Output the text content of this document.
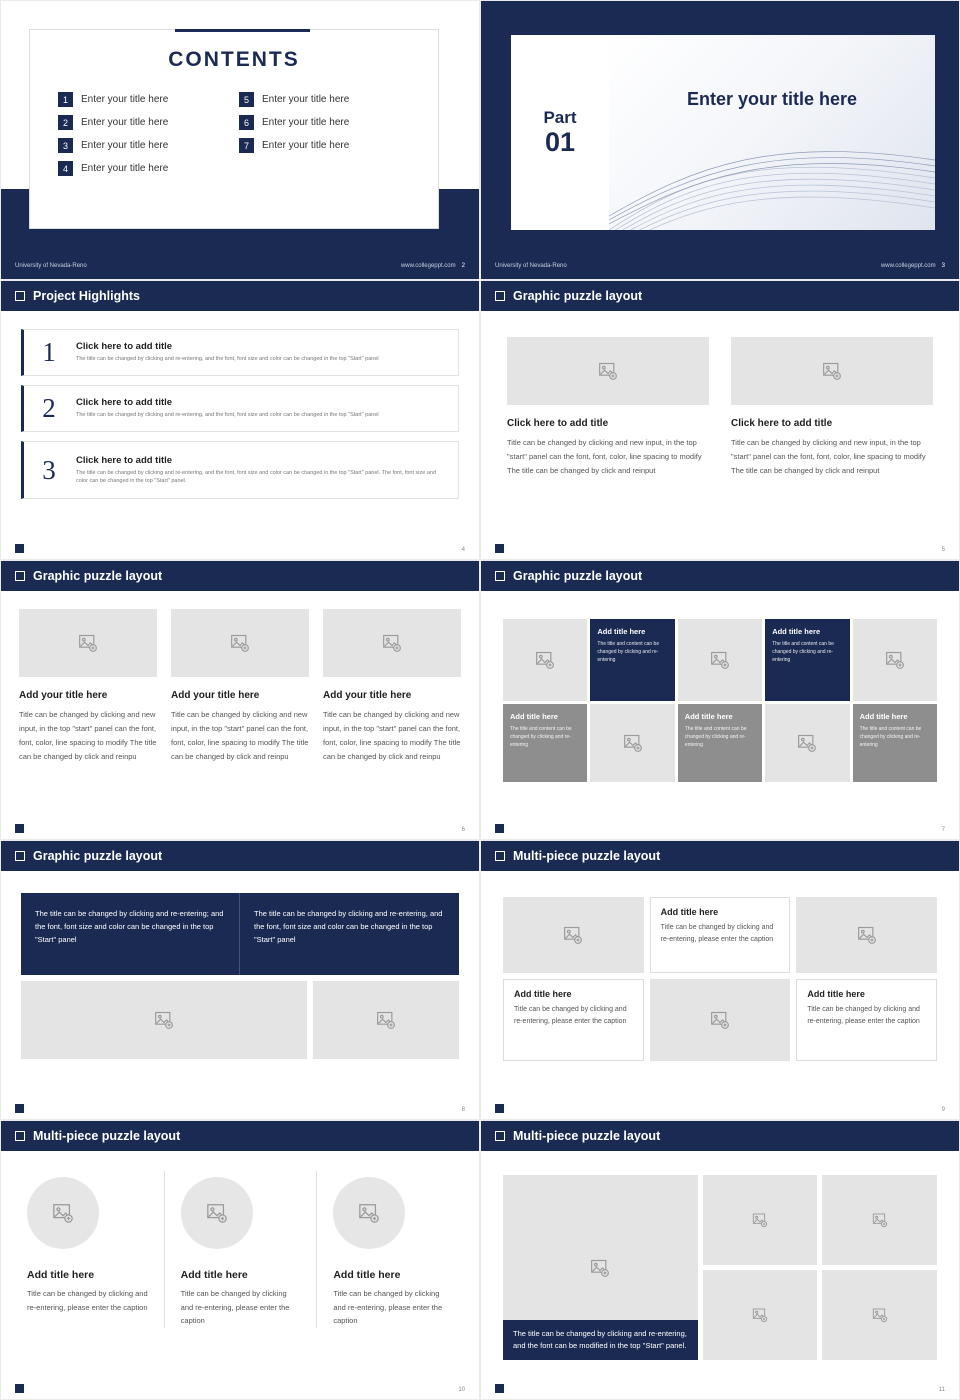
CONTENTS
1	Enter your title here	5	Enter your title here
2	Enter your title here	6	Enter your title here
3	Enter your title here	7	Enter your title here
4	Enter your title here
University of Nevada-Reno	www.collegeppt.com 2
Part
01
Enter your title here
University of Nevada-Reno	www.collegeppt.com 3
Project Highlights
1	Click here to add title
The title can be changed by clicking and re-entering, and the font, font size and color can be changed in the top "Start" panel
2	Click here to add title
The title can be changed by clicking and re-entering, and the font, font size and color can be changed in the top "Start" panel
3	Click here to add title
The title can be changed by clicking and re-entering, and the font, font size and color can be changed in the top "Start" panel. The font, font size and color can be changed in the top "Start" panel.
4
Graphic puzzle layout
Click here to add title
Title can be changed by clicking and new input, in the top "start" panel can the font, font, color, line spacing to modify The title can be changed by click and reinput
Click here to add title
Title can be changed by clicking and new input, in the top "start" panel can the font, font, color, line spacing to modify The title can be changed by click and reinput
5
Graphic puzzle layout
Add your title here
Title can be changed by clicking and new input, in the top "start" panel can the font, font, color, line spacing to modify The title can be changed by click and reinpu
Add your title here
Title can be changed by clicking and new input, in the top "start" panel can the font, font, color, line spacing to modify The title can be changed by click and reinpu
Add your title here
Title can be changed by clicking and new input, in the top "start" panel can the font, font, color, line spacing to modify The title can be changed by click and reinpu
6
Graphic puzzle layout
Add title here
The title and content can be changed by clicking and re-entering
Add title here
The title and content can be changed by clicking and re-entering
Add title here
The title and content can be changed by clicking and re-entering
Add title here
The title and content can be changed by clicking and re-entering
Add title here
The title and content can be changed by clicking and re-entering
7
Graphic puzzle layout
The title can be changed by clicking and re-entering; and the font, font size and color can be changed in the top "Start" panel
The title can be changed by clicking and re-entering, and the font, font size and color can be changed in the top "Start" panel
8
Multi-piece puzzle layout
Add title here
Title can be changed by clicking and re-entering, please enter the caption
Add title here
Title can be changed by clicking and re-entering, please enter the caption
Add title here
Title can be changed by clicking and re-entering, please enter the caption
9
Multi-piece puzzle layout
Add title here
Title can be changed by clicking and re-entering, please enter the caption
Add title here
Title can be changed by clicking and re-entering, please enter the caption
Add title here
Title can be changed by clicking and re-entering, please enter the caption
10
Multi-piece puzzle layout
The title can be changed by clicking and re-entering, and the font can be modified in the top "Start" panel.
11
